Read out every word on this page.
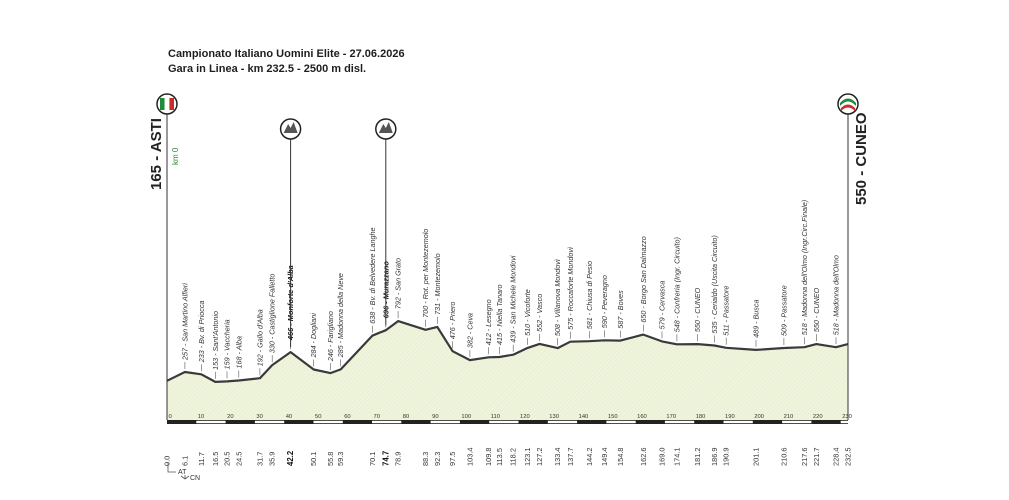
Campionato Italiano Uomini Elite - 27.06.2026
Gara in Linea - km 232.5 - 2500 m disl.
0	10	20	30	40	50	60	70	80	90	100	110	120	130	140	150	160	170	180	190	200	210	220	230
257 - San Martino Alfieri 233 - Bv. di Priocca 153 - Sant'Antonio 159 - Vaccheria 168 - Alba 192 - Gallo d'Alba 330 - Castiglione Falletto 466 - Monforte d'Alba 284 - Dogliani 246 - Farigliano 285 - Madonna della Neve	638 - Bv. di Belvedere Langhe 696 - Murazzano 792 - San Grato	700 - Rot. per Montezemolo 731 - Montezemolo
476 - Priero 382 - Ceva 412 - Lesegno 415 - Niella Tanaro 439 - San Michele Mondovi 510 - Vicoforte 552 - Vasco 508 - Villanova Mondovì 575 - Roccaforte Mondovì 581 - Chiusa di Pesio 590 - Peveragno 587 - Boves 650 - Borgo San Dalmazzo 579 - Cervasca 548 - Confreria (Ingr. Circuito) 550 - CUNEO 535 - Cerialdo (Uscita Circuito) 511 - Passatore	489 - Busca	509 - Passatore 518 - Madonna dell'Olmo (Ingr.Circ.Finale) 550 - CUNEO 518 - Madonna dell'Olmo
0.0 6.1 11.7 16.5 20.5 24.5 31.7 35.9 42.2 50.1 55.8 59.3	70.1 74.7 78.9	88.3 92.3 97.5 103.4 109.8 113.5 118.2 123.1 127.2 133.4 137.7 144.2 149.4 154.8 162.6 169.0 174.1 181.2 186.9 190.9	201.1	210.6 217.6 221.7 228.4 232.5
165 - ASTI km 0	550 - CUNEO
AT
CN
